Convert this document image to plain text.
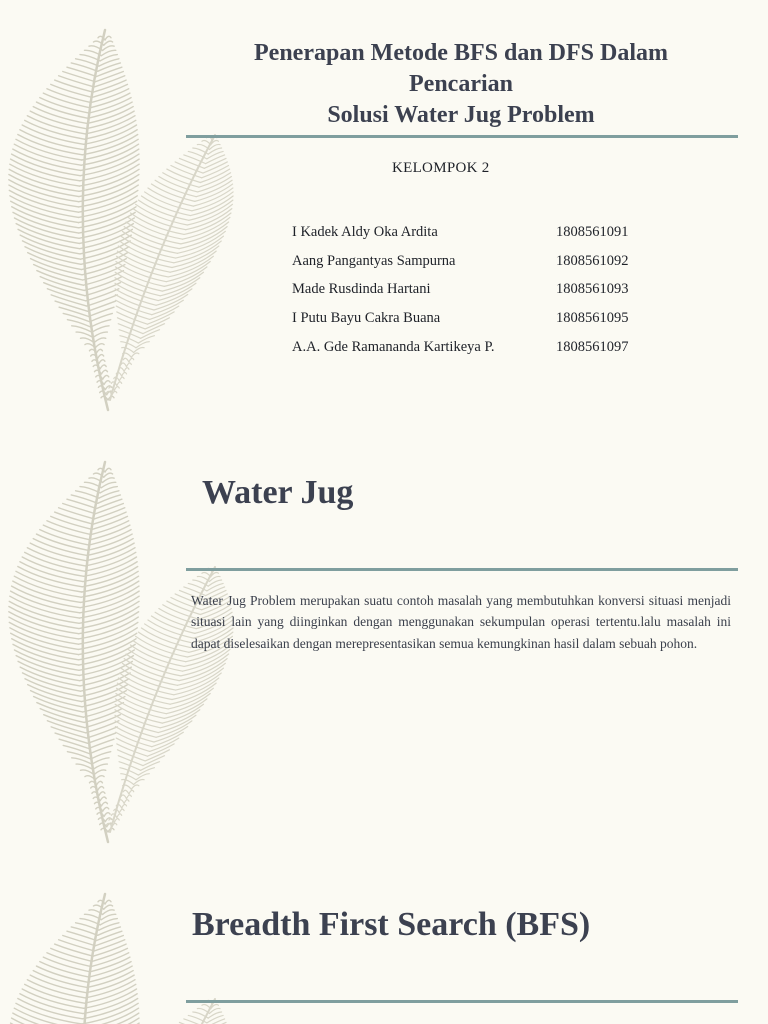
Penerapan Metode BFS dan DFS Dalam
Pencarian
Solusi Water Jug Problem
KELOMPOK 2
I Kadek Aldy Oka Ardita	1808561091
Aang Pangantyas Sampurna	1808561092
Made Rusdinda Hartani	1808561093
I Putu Bayu Cakra Buana	1808561095
A.A. Gde Ramananda Kartikeya P.	1808561097
Water Jug
Water Jug Problem merupakan suatu contoh masalah yang membutuhkan konversi situasi menjadi situasi lain yang diinginkan dengan menggunakan sekumpulan operasi tertentu.lalu masalah ini dapat diselesaikan dengan merepresentasikan semua kemungkinan hasil dalam sebuah pohon.
Breadth First Search (BFS)
